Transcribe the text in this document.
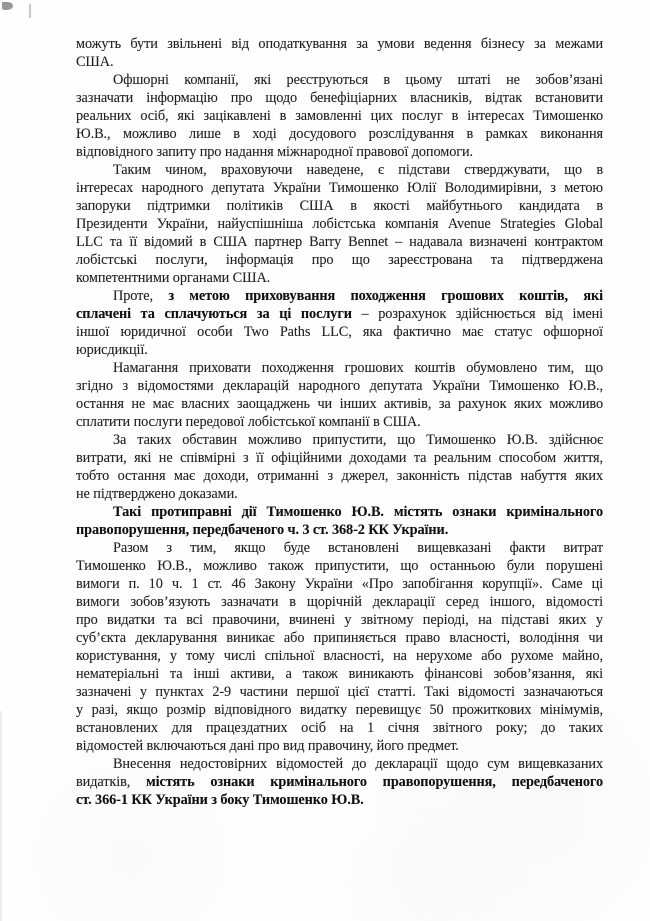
можуть бути звільнені від оподаткування за умови ведення бізнесу за межами
США.
Офшорні компанії, які реєструються в цьому штаті не зобов’язані
зазначати інформацію про щодо бенефіціарних власників, відтак встановити
реальних осіб, які зацікавлені в замовленні цих послуг в інтересах Тимошенко
Ю.В., можливо лише в ході досудового розслідування в рамках виконання
відповідного запиту про надання міжнародної правової допомоги.
Таким чином, враховуючи наведене, є підстави стверджувати, що в
інтересах народного депутата України Тимошенко Юлії Володимирівни, з метою
запоруки підтримки політиків США в якості майбутнього кандидата в
Президенти України, найуспішніша лобістська компанія Avenue Strategies Global
LLC та її відомий в США партнер Barry Bennet – надавала визначені контрактом
лобістські послуги, інформація про що зареєстрована та підтверджена
компетентними органами США.
Проте, з метою приховування походження грошових коштів, які
сплачені та сплачуються за ці послуги – розрахунок здійснюється від імені
іншої юридичної особи Two Paths LLC, яка фактично має статус офшорної
юрисдикції.
Намагання приховати походження грошових коштів обумовлено тим, що
згідно з відомостями декларацій народного депутата України Тимошенко Ю.В.,
остання не має власних заощаджень чи інших активів, за рахунок яких можливо
сплатити послуги передової лобістської компанії в США.
За таких обставин можливо припустити, що Тимошенко Ю.В. здійснює
витрати, які не співмірні з її офіційними доходами та реальним способом життя,
тобто остання має доходи, отриманні з джерел, законність підстав набуття яких
не підтверджено доказами.
Такі протиправні дії Тимошенко Ю.В. містять ознаки кримінального
правопорушення, передбаченого ч. 3 ст. 368-2 КК України.
Разом з тим, якщо буде встановлені вищевказані факти витрат
Тимошенко Ю.В., можливо також припустити, що останньою були порушені
вимоги п. 10 ч. 1 ст. 46 Закону України «Про запобігання корупції». Саме ці
вимоги зобов’язують зазначати в щорічній декларації серед іншого, відомості
про видатки та всі правочини, вчинені у звітному періоді, на підставі яких у
суб’єкта декларування виникає або припиняється право власності, володіння чи
користування, у тому числі спільної власності, на нерухоме або рухоме майно,
нематеріальні та інші активи, а також виникають фінансові зобов’язання, які
зазначені у пунктах 2-9 частини першої цієї статті. Такі відомості зазначаються
у разі, якщо розмір відповідного видатку перевищує 50 прожиткових мінімумів,
встановлених для працездатних осіб на 1 січня звітного року; до таких
відомостей включаються дані про вид правочину, його предмет.
Внесення недостовірних відомостей до декларації щодо сум вищевказаних
видатків, містять ознаки кримінального правопорушення, передбаченого
ст. 366-1 КК України з боку Тимошенко Ю.В.
